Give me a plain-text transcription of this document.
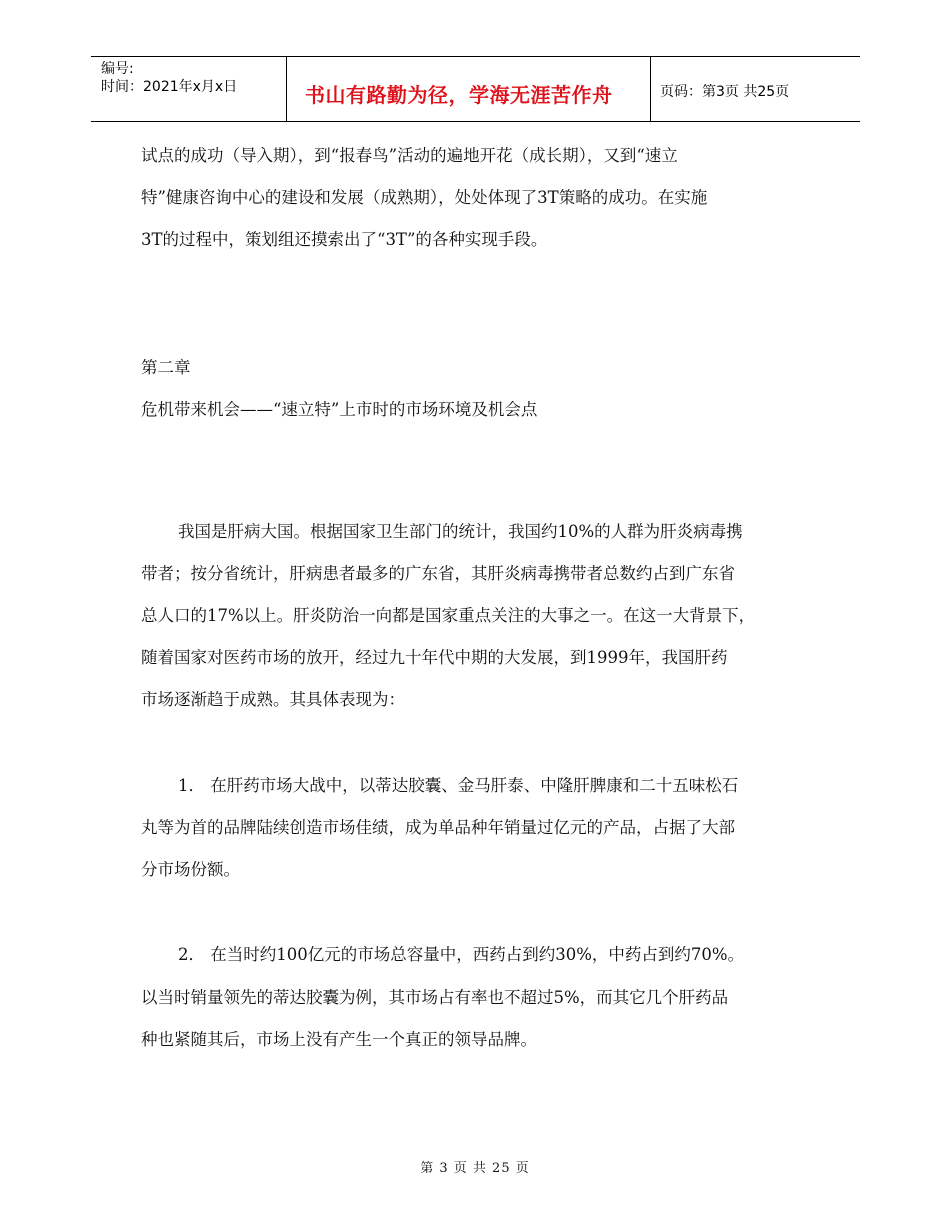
编号:
时间：2021年x月x日	书山有路勤为径，学海无涯苦作舟	页码：第3页 共25页
试点的成功（导入期），到“报春鸟”活动的遍地开花（成长期），又到“速立
特”健康咨询中心的建设和发展（成熟期），处处体现了3T策略的成功。在实施
3T的过程中，策划组还摸索出了“3T”的各种实现手段。
第二章
危机带来机会——“速立特”上市时的市场环境及机会点
我国是肝病大国。根据国家卫生部门的统计，我国约10%的人群为肝炎病毒携
带者；按分省统计，肝病患者最多的广东省，其肝炎病毒携带者总数约占到广东省
总人口的17%以上。肝炎防治一向都是国家重点关注的大事之一。在这一大背景下，
随着国家对医药市场的放开，经过九十年代中期的大发展，到1999年，我国肝药
市场逐渐趋于成熟。其具体表现为：
1． 在肝药市场大战中，以蒂达胶囊、金马肝泰、中隆肝脾康和二十五味松石
丸等为首的品牌陆续创造市场佳绩，成为单品种年销量过亿元的产品，占据了大部
分市场份额。
2． 在当时约100亿元的市场总容量中，西药占到约30%，中药占到约70%。
以当时销量领先的蒂达胶囊为例，其市场占有率也不超过5%，而其它几个肝药品
种也紧随其后，市场上没有产生一个真正的领导品牌。
第 3 页 共 25 页
